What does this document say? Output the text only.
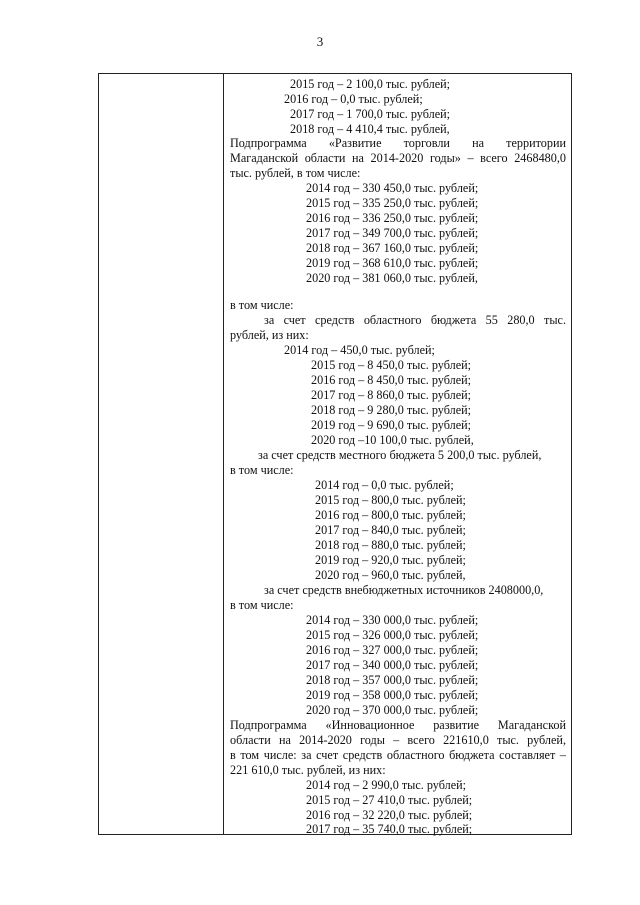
3
2015 год – 2 100,0 тыс. рублей;
2016 год – 0,0 тыс. рублей;
2017 год – 1 700,0 тыс. рублей;
2018 год – 4 410,4 тыс. рублей,
Подпрограмма «Развитие торговли на территории
Магаданской области на 2014-2020 годы» – всего 2468480,0
тыс. рублей, в том числе:
2014 год – 330 450,0 тыс. рублей;
2015 год – 335 250,0 тыс. рублей;
2016 год – 336 250,0 тыс. рублей;
2017 год – 349 700,0 тыс. рублей;
2018 год – 367 160,0 тыс. рублей;
2019 год – 368 610,0 тыс. рублей;
2020 год – 381 060,0 тыс. рублей,
в том числе:
за счет средств областного бюджета 55 280,0 тыс.
рублей, из них:
2014 год – 450,0 тыс. рублей;
2015 год – 8 450,0 тыс. рублей;
2016 год – 8 450,0 тыс. рублей;
2017 год – 8 860,0 тыс. рублей;
2018 год – 9 280,0 тыс. рублей;
2019 год – 9 690,0 тыс. рублей;
2020 год –10 100,0 тыс. рублей,
за счет средств местного бюджета 5 200,0 тыс. рублей,
в том числе:
2014 год – 0,0 тыс. рублей;
2015 год – 800,0 тыс. рублей;
2016 год – 800,0 тыс. рублей;
2017 год – 840,0 тыс. рублей;
2018 год – 880,0 тыс. рублей;
2019 год – 920,0 тыс. рублей;
2020 год – 960,0 тыс. рублей,
за счет средств внебюджетных источников 2408000,0,
в том числе:
2014 год – 330 000,0 тыс. рублей;
2015 год – 326 000,0 тыс. рублей;
2016 год – 327 000,0 тыс. рублей;
2017 год – 340 000,0 тыс. рублей;
2018 год – 357 000,0 тыс. рублей;
2019 год – 358 000,0 тыс. рублей;
2020 год – 370 000,0 тыс. рублей;
Подпрограмма «Инновационное развитие Магаданской
области на 2014-2020 годы – всего 221610,0 тыс. рублей,
в том числе: за счет средств областного бюджета составляет –
221 610,0 тыс. рублей, из них:
2014 год – 2 990,0 тыс. рублей;
2015 год – 27 410,0 тыс. рублей;
2016 год – 32 220,0 тыс. рублей;
2017 год – 35 740,0 тыс. рублей;
